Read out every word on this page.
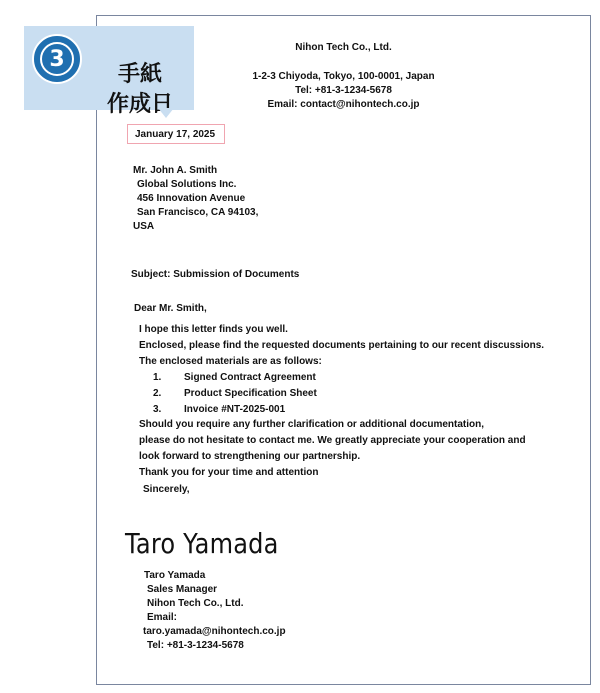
3
手紙
作成日
Nihon Tech Co., Ltd.
1-2-3 Chiyoda, Tokyo, 100-0001, Japan
Tel: +81-3-1234-5678
Email: contact@nihontech.co.jp
January 17, 2025
Mr. John A. Smith
Global Solutions Inc.
456 Innovation Avenue
San Francisco, CA 94103,
USA
Subject: Submission of Documents
Dear Mr. Smith,
I hope this letter finds you well.
Enclosed, please find the requested documents pertaining to our recent discussions.
The enclosed materials are as follows:
1. Signed Contract Agreement
2. Product Specification Sheet
3. Invoice #NT-2025-001
Should you require any further clarification or additional documentation,
please do not hesitate to contact me. We greatly appreciate your cooperation and
look forward to strengthening our partnership.
Thank you for your time and attention
Sincerely,
Taro Yamada
Taro Yamada
Sales Manager
Nihon Tech Co., Ltd.
Email:
taro.yamada@nihontech.co.jp
Tel: +81-3-1234-5678
